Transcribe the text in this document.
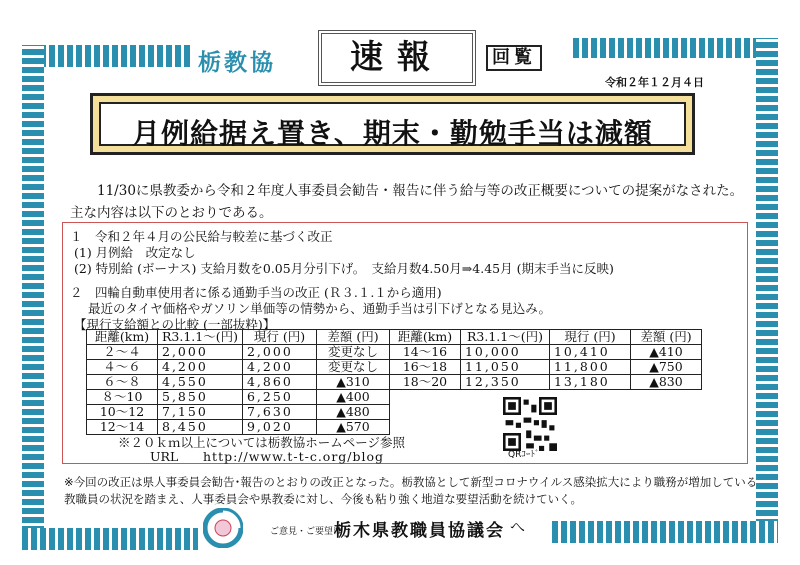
栃教協	速報	回覧
令和２年１２月４日
月例給据え置き、期末・勤勉手当は減額
11/30に県教委から令和２年度人事委員会勧告・報告に伴う給与等の改正概要についての提案がなされた。主な内容は以下のとおりである。
１　令和２年４月の公民給与較差に基づく改正
(1) 月例給　改定なし
(2) 特別給 (ボーナス) 支給月数を0.05月分引下げ。　支給月数4.50月⇒4.45月 (期末手当に反映)
２　四輪自動車使用者に係る通勤手当の改正 (Ｒ３.１.１から適用)
最近のタイヤ価格やガソリン単価等の情勢から、通勤手当は引下げとなる見込み。
【現行支給額との比較 (一部抜粋)】
距離(km)	R3.1.1～(円)	現行 (円)	差額 (円)	距離(km)	R3.1.1～(円)	現行 (円)	差額 (円)
２～４	2,000	2,000	変更なし	14～16	10,000	10,410	▲410
４～６	4,200	4,200	変更なし	16～18	11,050	11,800	▲750
６～８	4,550	4,860	▲310	18～20	12,350	13,180	▲830
８～10	5,850	6,250	▲400				
10～12	7,150	7,630	▲480				
12～14	8,450	9,020	▲570				
※２０ｋｍ以上については栃教協ホームページ参照
URL http://www.t-t-c.org/blog	QRｺｰﾄﾞ
※今回の改正は県人事委員会勧告･報告のとおりの改正となった。栃教協として新型コロナウイルス感染拡大により職務が増加している教職員の状況を踏まえ、人事委員会や県教委に対し、今後も粘り強く地道な要望活動を続けていく。
ご意見・ご要望は
栃木県教職員協議会 へ
